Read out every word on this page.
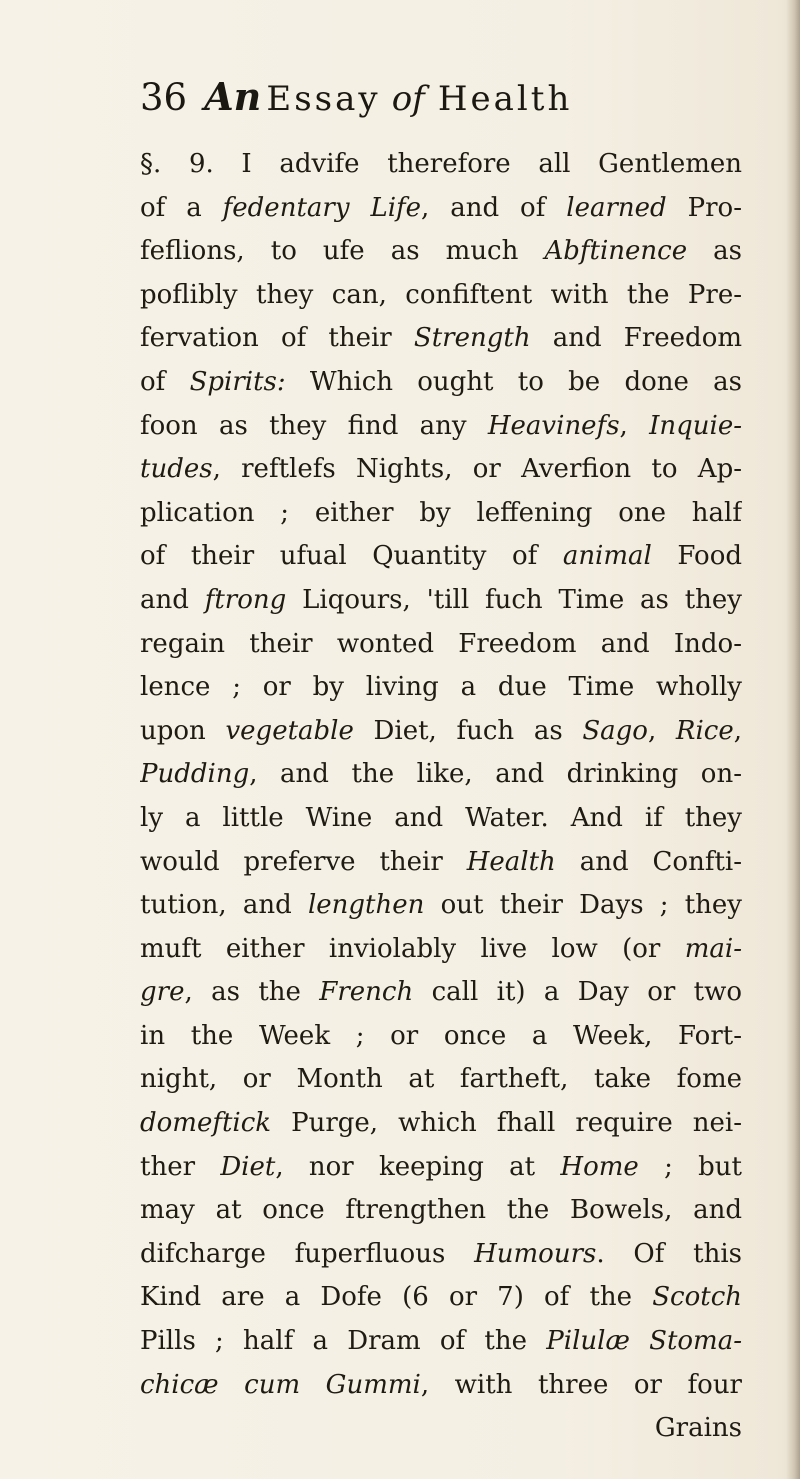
36 An Essay of Health
§. 9. I advife therefore all Gentlemen
of a fedentary Life, and of learned Pro-
feflions, to ufe as much Abftinence as
poflibly they can, confiftent with the Pre-
fervation of their Strength and Freedom
of Spirits: Which ought to be done as
foon as they find any Heavinefs, Inquie-
tudes, reftlefs Nights, or Averfion to Ap-
plication ; either by leffening one half
of their ufual Quantity of animal Food
and ftrong Liqours, 'till fuch Time as they
regain their wonted Freedom and Indo-
lence ; or by living a due Time wholly
upon vegetable Diet, fuch as Sago, Rice,
Pudding, and the like, and drinking on-
ly a little Wine and Water. And if they
would preferve their Health and Confti-
tution, and lengthen out their Days ; they
muft either inviolably live low (or mai-
gre, as the French call it) a Day or two
in the Week ; or once a Week, Fort-
night, or Month at fartheft, take fome
domeftick Purge, which fhall require nei-
ther Diet, nor keeping at Home ; but
may at once ftrengthen the Bowels, and
difcharge fuperfluous Humours. Of this
Kind are a Dofe (6 or 7) of the Scotch
Pills ; half a Dram of the Pilulæ Stoma-
chicæ cum Gummi, with three or four
Grains
